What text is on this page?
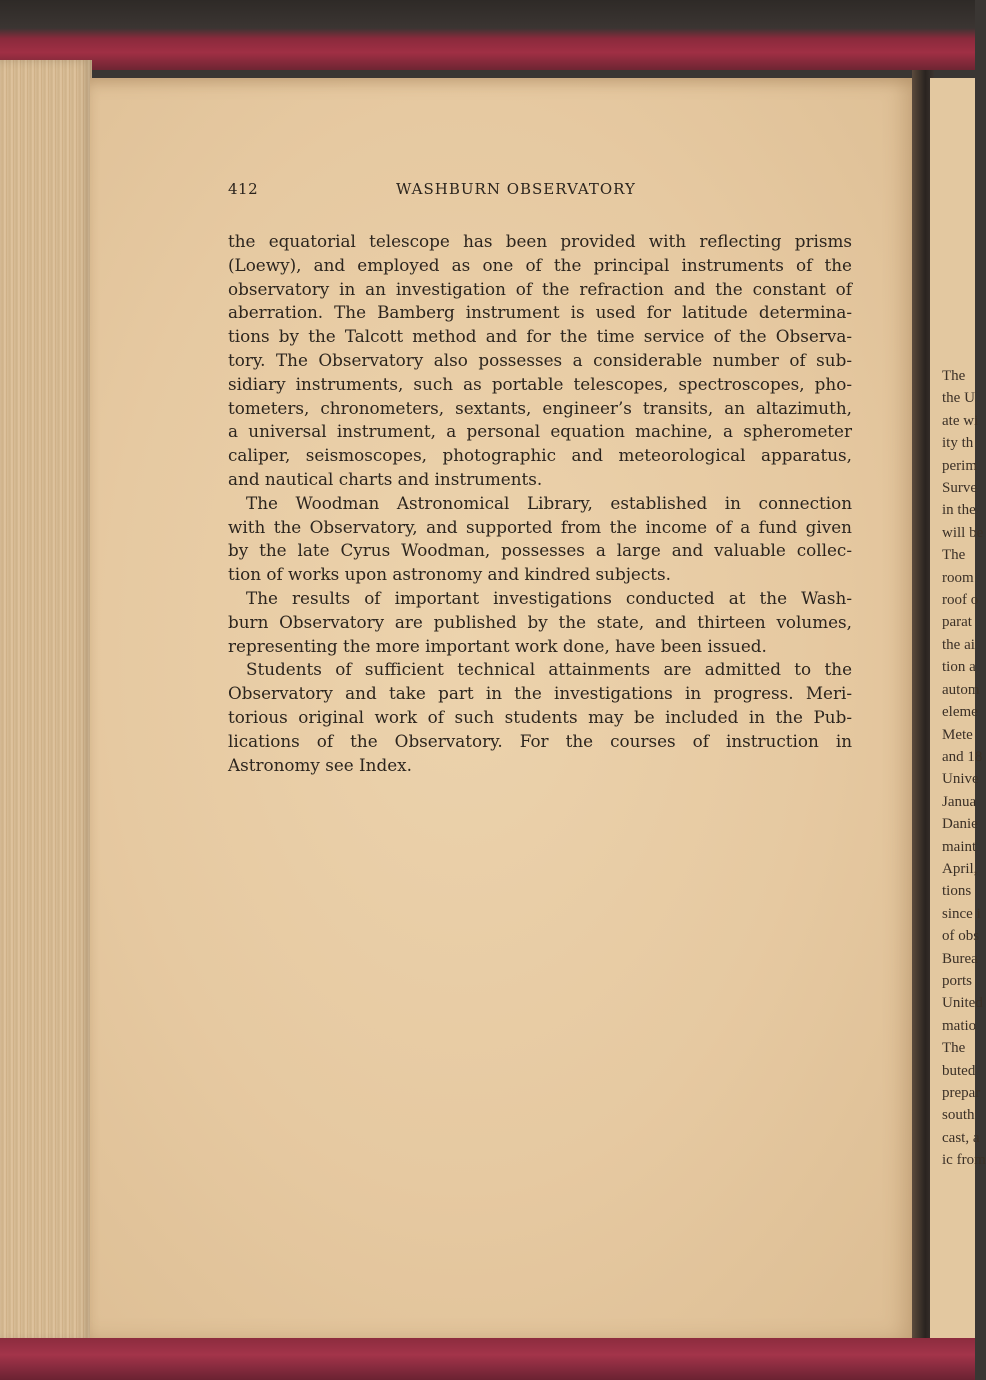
The
the U
ate wi
ity th
perim
Surve
in the
will be
The
room
roof o
parat
the ai
tion a
autom
eleme
Mete
and 18
Unive
Janua
Danie
maint
April,
tions
since i
of obs
Burea
ports
United
matio
The
buted
prepar
south
cast, a
ic from
412	WASHBURN OBSERVATORY

the equatorial telescope has been provided with reflecting prisms
(Loewy), and employed as one of the principal instruments of the
observatory in an investigation of the refraction and the constant of
aberration. The Bamberg instrument is used for latitude determina-
tions by the Talcott method and for the time service of the Observa-
tory. The Observatory also possesses a considerable number of sub-
sidiary instruments, such as portable telescopes, spectroscopes, pho-
tometers, chronometers, sextants, engineer’s transits, an altazimuth,
a universal instrument, a personal equation machine, a spherometer
caliper, seismoscopes, photographic and meteorological apparatus,
and nautical charts and instruments.

The Woodman Astronomical Library, established in connection
with the Observatory, and supported from the income of a fund given
by the late Cyrus Woodman, possesses a large and valuable collec-
tion of works upon astronomy and kindred subjects.

The results of important investigations conducted at the Wash-
burn Observatory are published by the state, and thirteen volumes,
representing the more important work done, have been issued.

Students of sufficient technical attainments are admitted to the
Observatory and take part in the investigations in progress. Meri-
torious original work of such students may be included in the Pub-
lications of the Observatory. For the courses of instruction in
Astronomy see Index.
